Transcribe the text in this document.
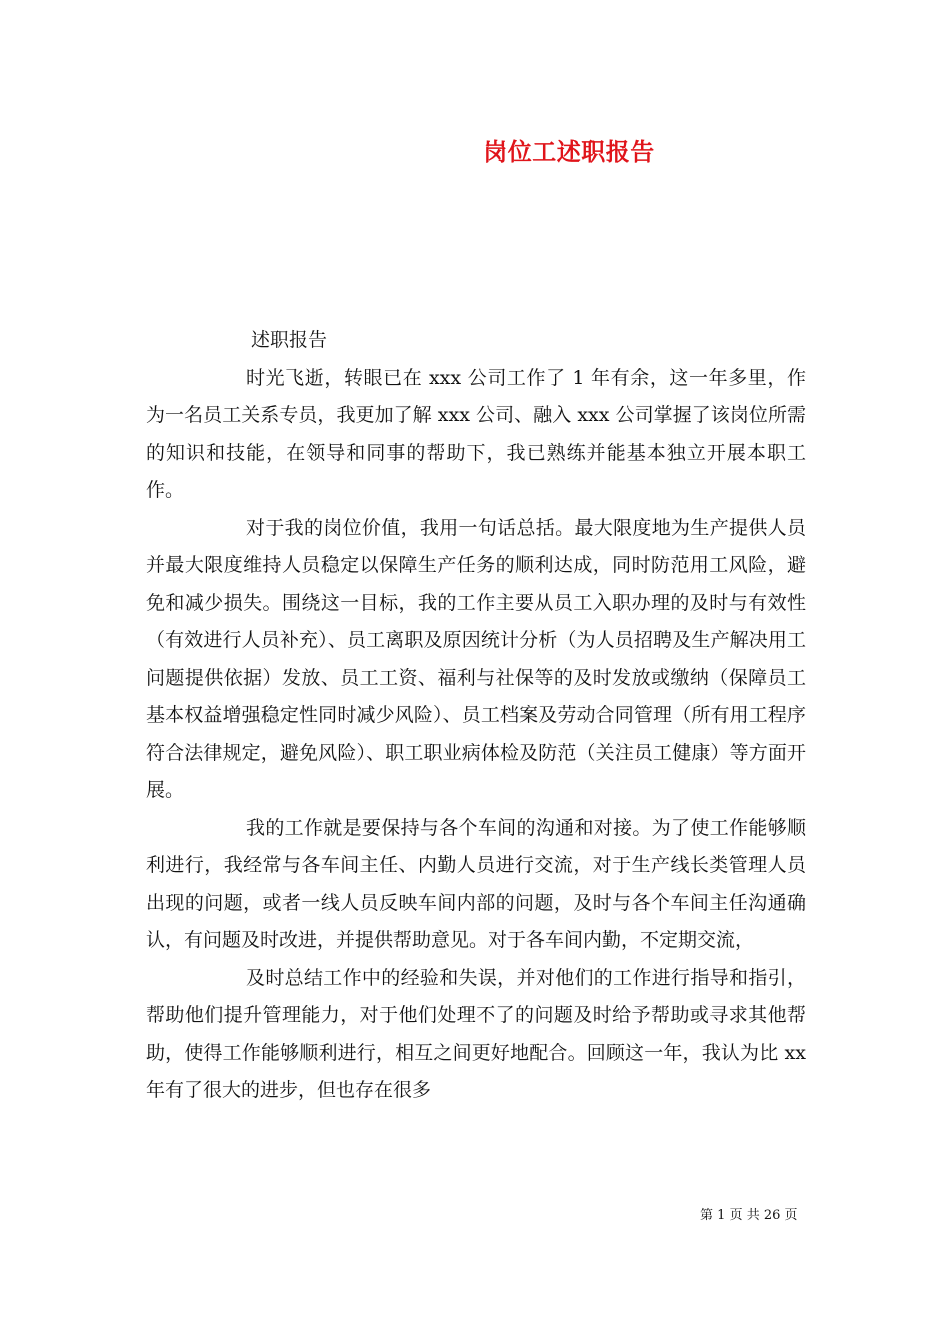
岗位工述职报告

述职报告

时光飞逝，转眼已在 xxx 公司工作了 1 年有余，这一年多里，作为一名员工关系专员，我更加了解 xxx 公司、融入 xxx 公司掌握了该岗位所需的知识和技能，在领导和同事的帮助下，我已熟练并能基本独立开展本职工作。

对于我的岗位价值，我用一句话总括。最大限度地为生产提供人员并最大限度维持人员稳定以保障生产任务的顺利达成，同时防范用工风险，避免和减少损失。围绕这一目标，我的工作主要从员工入职办理的及时与有效性（有效进行人员补充）、员工离职及原因统计分析（为人员招聘及生产解决用工问题提供依据）发放、员工工资、福利与社保等的及时发放或缴纳（保障员工基本权益增强稳定性同时减少风险）、员工档案及劳动合同管理（所有用工程序符合法律规定，避免风险）、职工职业病体检及防范（关注员工健康）等方面开展。

我的工作就是要保持与各个车间的沟通和对接。为了使工作能够顺利进行，我经常与各车间主任、内勤人员进行交流，对于生产线长类管理人员出现的问题，或者一线人员反映车间内部的问题，及时与各个车间主任沟通确认，有问题及时改进，并提供帮助意见。对于各车间内勤，不定期交流，

及时总结工作中的经验和失误，并对他们的工作进行指导和指引，帮助他们提升管理能力，对于他们处理不了的问题及时给予帮助或寻求其他帮助，使得工作能够顺利进行，相互之间更好地配合。回顾这一年，我认为比 xx 年有了很大的进步，但也存在很多

第 1 页 共 26 页
